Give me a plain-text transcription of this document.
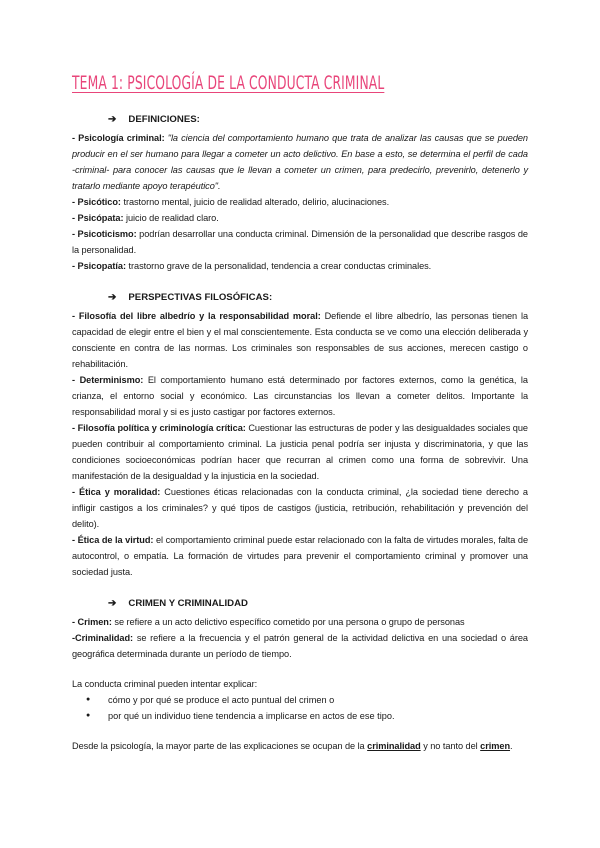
TEMA 1: PSICOLOGÍA DE LA CONDUCTA CRIMINAL
➔ DEFINICIONES:

- Psicología criminal: "la ciencia del comportamiento humano que trata de analizar las causas que se pueden producir en el ser humano para llegar a cometer un acto delictivo. En base a esto, se determina el perfil de cada -criminal- para conocer las causas que le llevan a cometer un crimen, para predecirlo, prevenirlo, detenerlo y tratarlo mediante apoyo terapéutico".

- Psicótico: trastorno mental, juicio de realidad alterado, delirio, alucinaciones.

- Psicópata: juicio de realidad claro.

- Psicoticismo: podrían desarrollar una conducta criminal. Dimensión de la personalidad que describe rasgos de la personalidad.

- Psicopatía: trastorno grave de la personalidad, tendencia a crear conductas criminales.

➔ PERSPECTIVAS FILOSÓFICAS:

- Filosofía del libre albedrío y la responsabilidad moral: Defiende el libre albedrío, las personas tienen la capacidad de elegir entre el bien y el mal conscientemente. Esta conducta se ve como una elección deliberada y consciente en contra de las normas. Los criminales son responsables de sus acciones, merecen castigo o rehabilitación.

- Determinismo: El comportamiento humano está determinado por factores externos, como la genética, la crianza, el entorno social y económico. Las circunstancias los llevan a cometer delitos. Importante la responsabilidad moral y si es justo castigar por factores externos.

- Filosofía política y criminología crítica: Cuestionar las estructuras de poder y las desigualdades sociales que pueden contribuir al comportamiento criminal. La justicia penal podría ser injusta y discriminatoria, y que las condiciones socioeconómicas podrían hacer que recurran al crimen como una forma de sobrevivir. Una manifestación de la desigualdad y la injusticia en la sociedad.

- Ética y moralidad: Cuestiones éticas relacionadas con la conducta criminal, ¿la sociedad tiene derecho a infligir castigos a los criminales? y qué tipos de castigos (justicia, retribución, rehabilitación y prevención del delito).

- Ética de la virtud: el comportamiento criminal puede estar relacionado con la falta de virtudes morales, falta de autocontrol, o empatía. La formación de virtudes para prevenir el comportamiento criminal y promover una sociedad justa.

➔ CRIMEN Y CRIMINALIDAD

- Crimen: se refiere a un acto delictivo específico cometido por una persona o grupo de personas

-Criminalidad: se refiere a la frecuencia y el patrón general de la actividad delictiva en una sociedad o área geográfica determinada durante un período de tiempo.

La conducta criminal pueden intentar explicar:

●	cómo y por qué se produce el acto puntual del crimen o
●	por qué un individuo tiene tendencia a implicarse en actos de ese tipo.

Desde la psicología, la mayor parte de las explicaciones se ocupan de la criminalidad y no tanto del crimen.
